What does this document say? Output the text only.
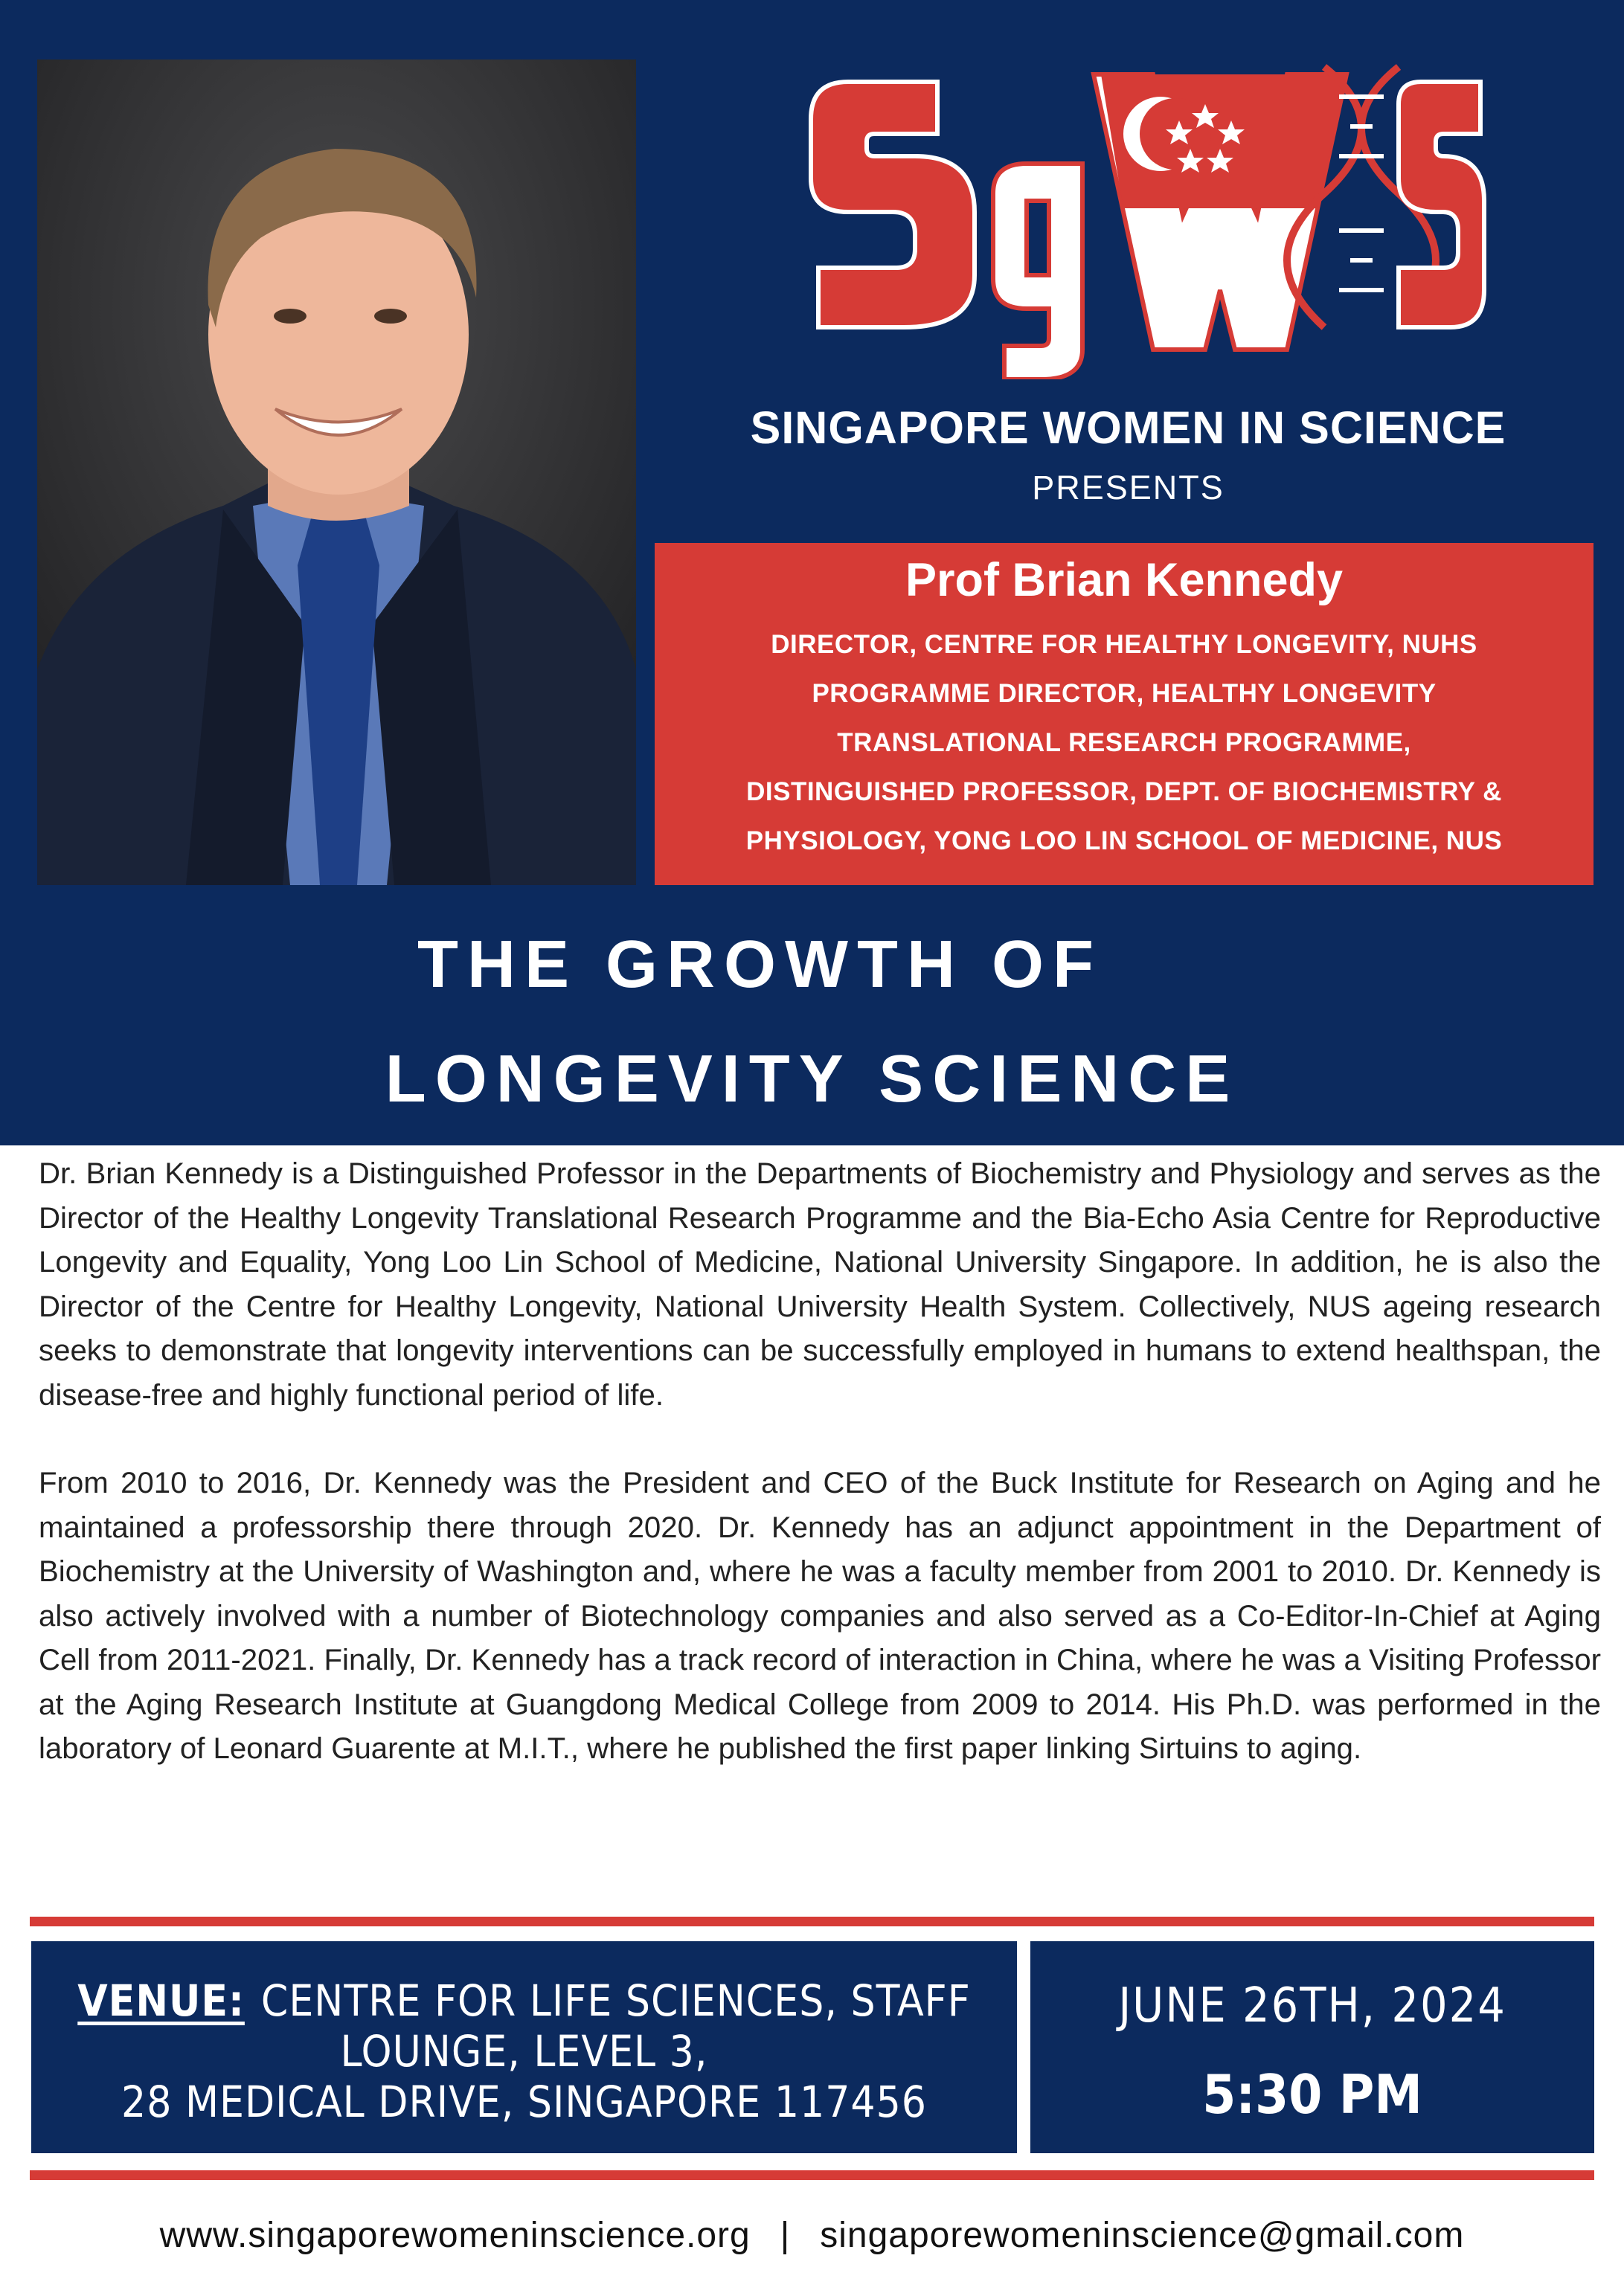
SINGAPORE WOMEN IN SCIENCE
PRESENTS
Prof Brian Kennedy
DIRECTOR, CENTRE FOR HEALTHY LONGEVITY, NUHS
PROGRAMME DIRECTOR, HEALTHY LONGEVITY
TRANSLATIONAL RESEARCH PROGRAMME,
DISTINGUISHED PROFESSOR, DEPT. OF BIOCHEMISTRY &
PHYSIOLOGY, YONG LOO LIN SCHOOL OF MEDICINE, NUS
THE GROWTH OF
LONGEVITY SCIENCE

Dr. Brian Kennedy is a Distinguished Professor in the Departments of Biochemistry and Physiology and serves as the Director of the Healthy Longevity Translational Research Programme and the Bia-Echo Asia Centre for Reproductive Longevity and Equality, Yong Loo Lin School of Medicine, National University Singapore. In addition, he is also the Director of the Centre for Healthy Longevity, National University Health System. Collectively, NUS ageing research seeks to demonstrate that longevity interventions can be successfully employed in humans to extend healthspan, the disease-free and highly functional period of life.

From 2010 to 2016, Dr. Kennedy was the President and CEO of the Buck Institute for Research on Aging and he maintained a professorship there through 2020. Dr. Kennedy has an adjunct appointment in the Department of Biochemistry at the University of Washington and, where he was a faculty member from 2001 to 2010. Dr. Kennedy is also actively involved with a number of Biotechnology companies and also served as a Co-Editor-In-Chief at Aging Cell from 2011-2021. Finally, Dr. Kennedy has a track record of interaction in China, where he was a Visiting Professor at the Aging Research Institute at Guangdong Medical College from 2009 to 2014. His Ph.D. was performed in the laboratory of Leonard Guarente at M.I.T., where he published the first paper linking Sirtuins to aging.

VENUE: CENTRE FOR LIFE SCIENCES, STAFF
LOUNGE, LEVEL 3,
28 MEDICAL DRIVE, SINGAPORE 117456
JUNE 26TH, 2024
5:30 PM
www.singaporewomeninscience.org | singaporewomeninscience@gmail.com
